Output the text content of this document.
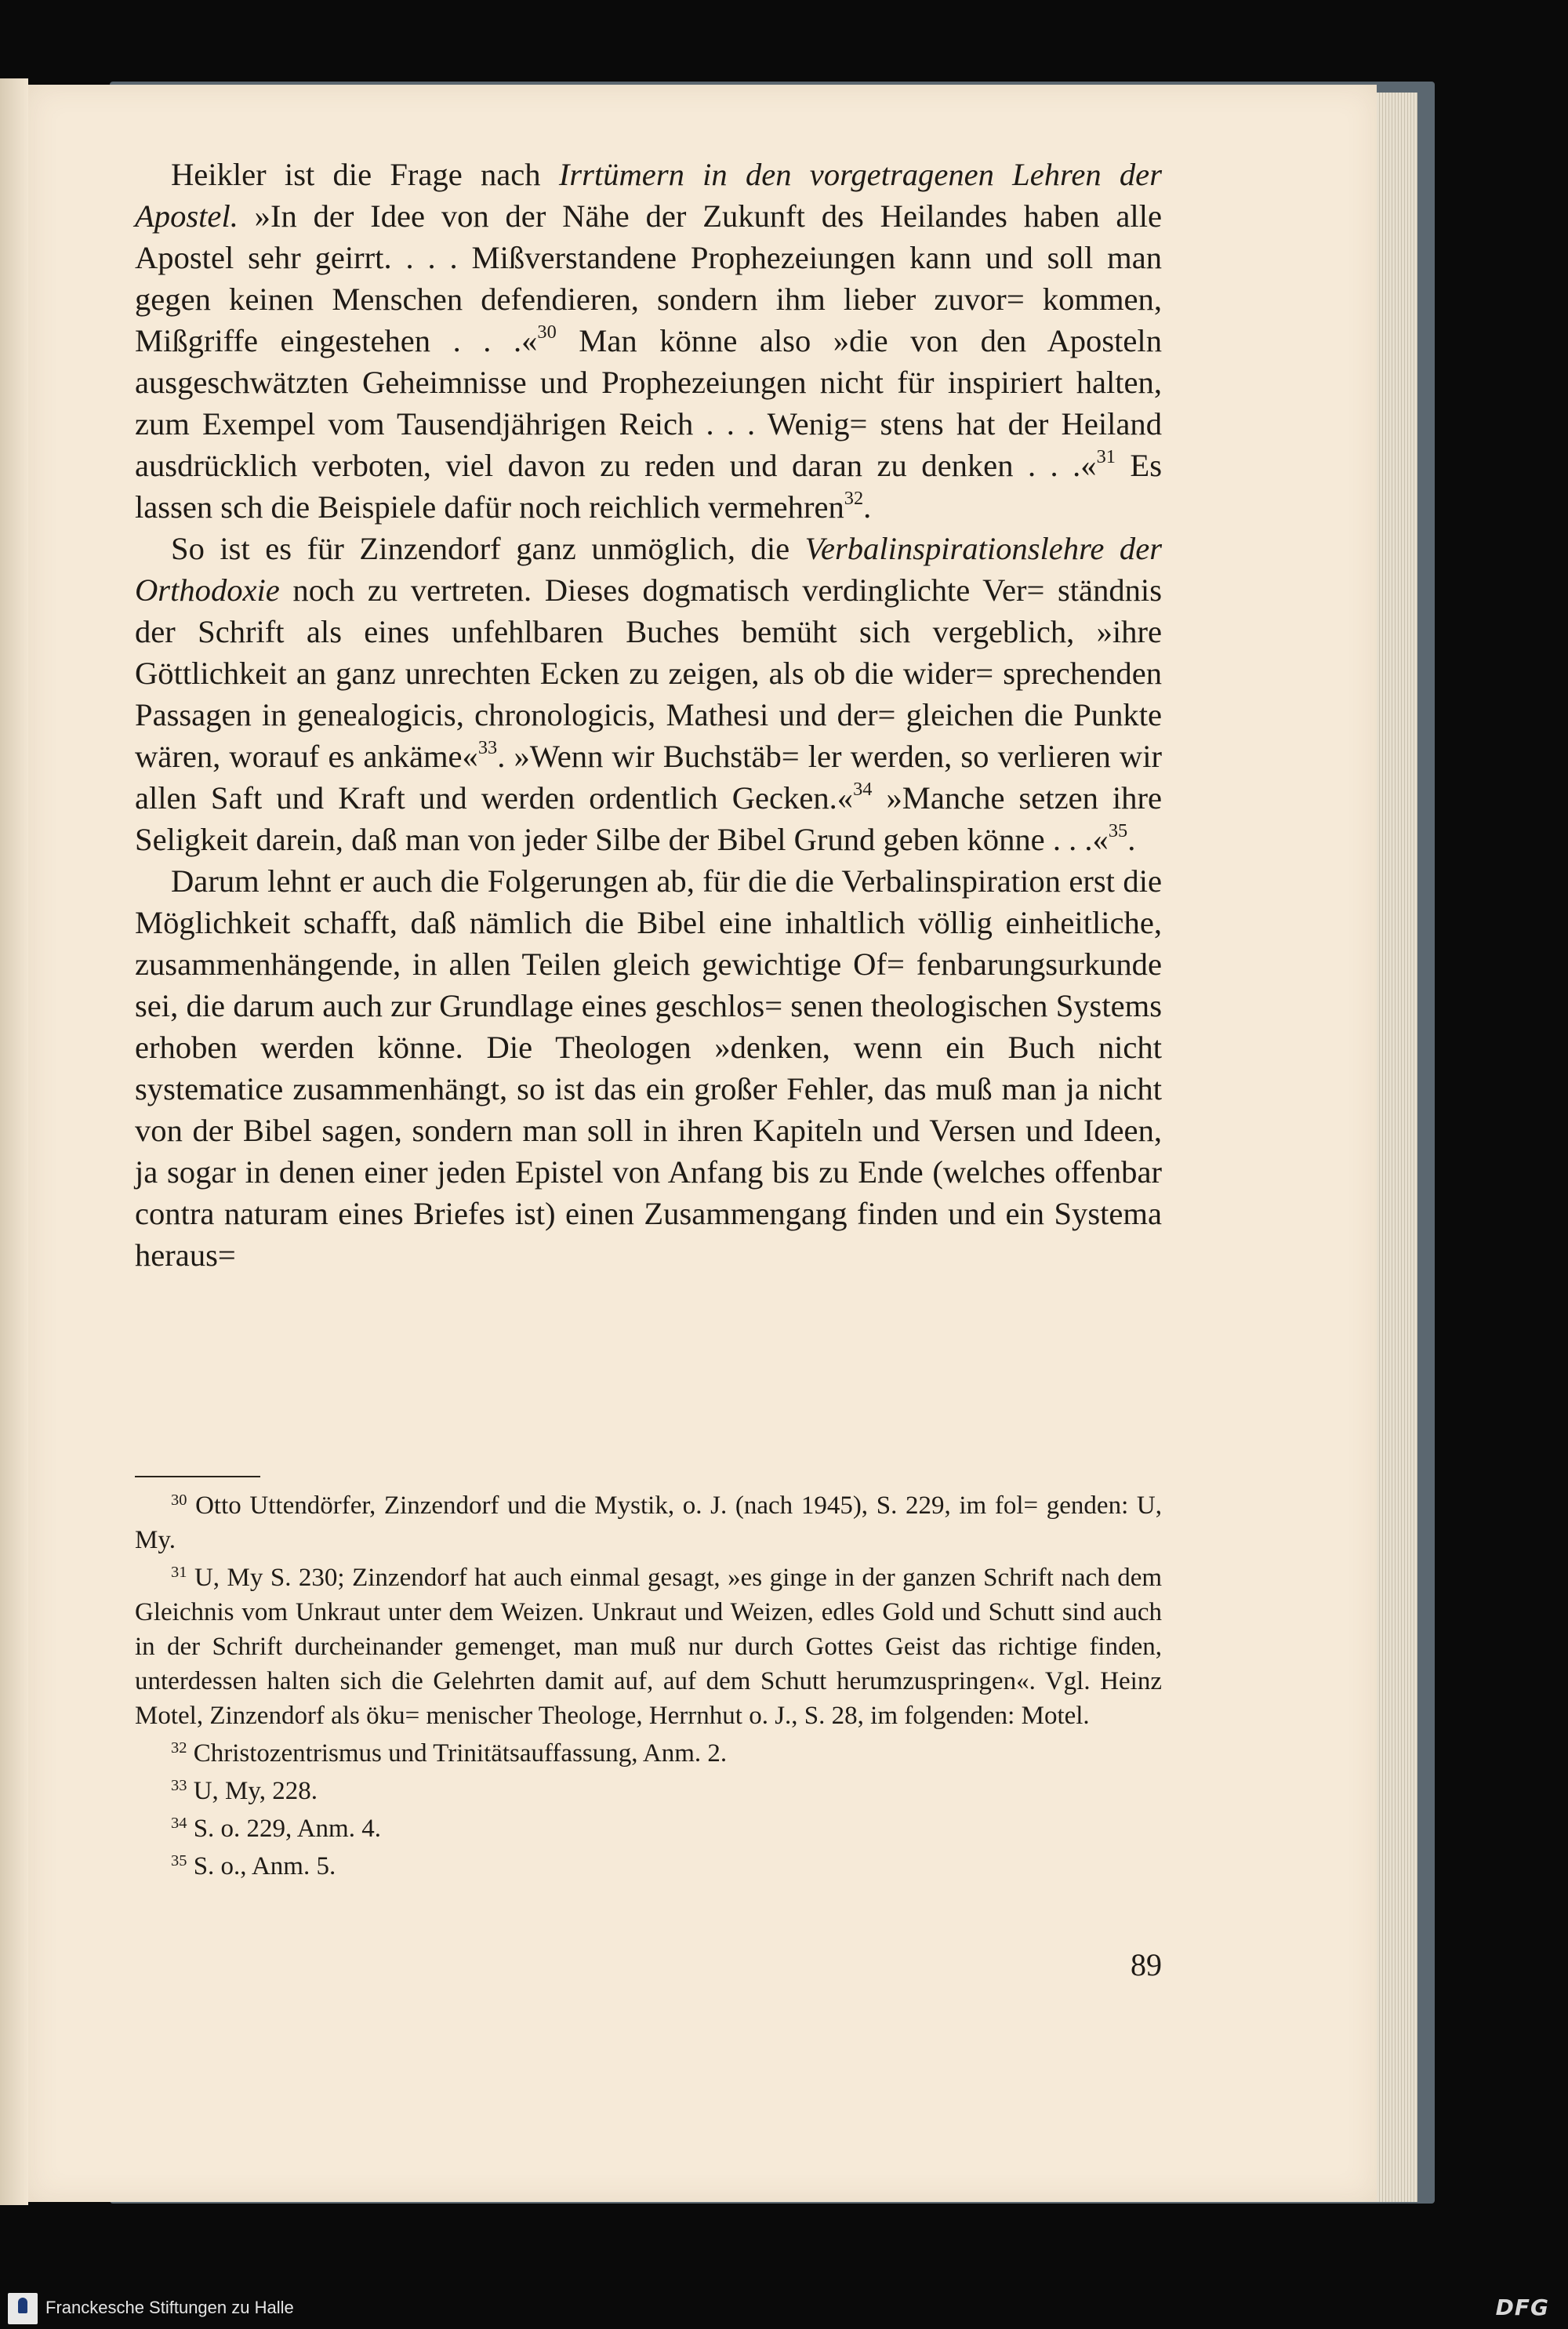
Heikler ist die Frage nach Irrtümern in den vorgetragenen Lehren der Apostel. »In der Idee von der Nähe der Zukunft des Heilandes haben alle Apostel sehr geirrt. . . . Mißverstandene Prophezeiungen kann und soll man gegen keinen Menschen defendieren, sondern ihm lieber zuvor= kommen, Mißgriffe eingestehen . . .«$^{30}$ Man könne also »die von den Aposteln ausgeschwätzten Geheimnisse und Prophezeiungen nicht für inspiriert halten, zum Exempel vom Tausendjährigen Reich . . . Wenig= stens hat der Heiland ausdrücklich verboten, viel davon zu reden und daran zu denken . . .«$^{31}$ Es lassen sch die Beispiele dafür noch reichlich vermehren$^{32}$.

So ist es für Zinzendorf ganz unmöglich, die Verbalinspirationslehre der Orthodoxie noch zu vertreten. Dieses dogmatisch verdinglichte Ver= ständnis der Schrift als eines unfehlbaren Buches bemüht sich vergeblich, »ihre Göttlichkeit an ganz unrechten Ecken zu zeigen, als ob die wider= sprechenden Passagen in genealogicis, chronologicis, Mathesi und der= gleichen die Punkte wären, worauf es ankäme«$^{33}$. »Wenn wir Buchstäb= ler werden, so verlieren wir allen Saft und Kraft und werden ordentlich Gecken.«$^{34}$ »Manche setzen ihre Seligkeit darein, daß man von jeder Silbe der Bibel Grund geben könne . . .«$^{35}$.

Darum lehnt er auch die Folgerungen ab, für die die Verbalinspiration erst die Möglichkeit schafft, daß nämlich die Bibel eine inhaltlich völlig einheitliche, zusammenhängende, in allen Teilen gleich gewichtige Of= fenbarungsurkunde sei, die darum auch zur Grundlage eines geschlos= senen theologischen Systems erhoben werden könne. Die Theologen »denken, wenn ein Buch nicht systematice zusammenhängt, so ist das ein großer Fehler, das muß man ja nicht von der Bibel sagen, sondern man soll in ihren Kapiteln und Versen und Ideen, ja sogar in denen einer jeden Epistel von Anfang bis zu Ende (welches offenbar contra naturam eines Briefes ist) einen Zusammengang finden und ein Systema heraus=

$^{30}$ Otto Uttendörfer, Zinzendorf und die Mystik, o. J. (nach 1945), S. 229, im fol= genden: U, My.

$^{31}$ U, My S. 230; Zinzendorf hat auch einmal gesagt, »es ginge in der ganzen Schrift nach dem Gleichnis vom Unkraut unter dem Weizen. Unkraut und Weizen, edles Gold und Schutt sind auch in der Schrift durcheinander gemenget, man muß nur durch Gottes Geist das richtige finden, unterdessen halten sich die Gelehrten damit auf, auf dem Schutt herumzuspringen«. Vgl. Heinz Motel, Zinzendorf als öku= menischer Theologe, Herrnhut o. J., S. 28, im folgenden: Motel.

$^{32}$ Christozentrismus und Trinitätsauffassung, Anm. 2.

$^{33}$ U, My, 228.

$^{34}$ S. o. 229, Anm. 4.

$^{35}$ S. o., Anm. 5.

89
Franckesche Stiftungen zu Halle	DFG
